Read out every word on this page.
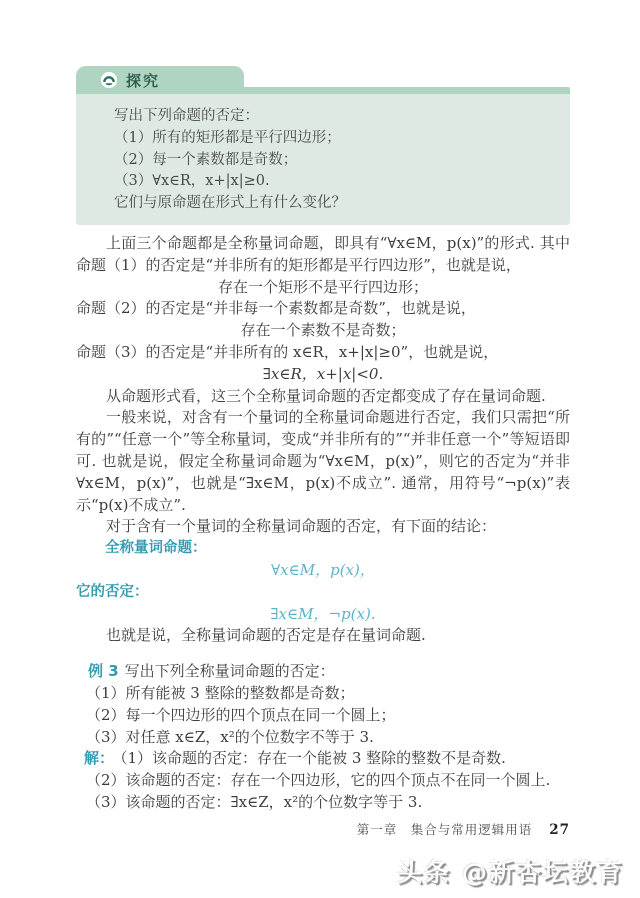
探究
写出下列命题的否定：
（1）所有的矩形都是平行四边形；
（2）每一个素数都是奇数；
（3）∀x∈R，x+|x|≥0.
它们与原命题在形式上有什么变化？
上面三个命题都是全称量词命题，即具有“∀x∈M，p(x)”的形式. 其中命题（1）的否定是“并非所有的矩形都是平行四边形”，也就是说，
存在一个矩形不是平行四边形；
命题（2）的否定是“并非每一个素数都是奇数”，也就是说，
存在一个素数不是奇数；
命题（3）的否定是“并非所有的 x∈R，x+|x|≥0”，也就是说，
∃x∈R，x+|x|<0.
从命题形式看，这三个全称量词命题的否定都变成了存在量词命题.
一般来说，对含有一个量词的全称量词命题进行否定，我们只需把“所有的”“任意一个”等全称量词，变成“并非所有的”“并非任意一个”等短语即可. 也就是说，假定全称量词命题为“∀x∈M，p(x)”，则它的否定为“并非 ∀x∈M，p(x)”，也就是“∃x∈M，p(x)不成立”. 通常，用符号“¬p(x)”表示“p(x)不成立”.
对于含有一个量词的全称量词命题的否定，有下面的结论：
全称量词命题：
∀x∈M，p(x)，
它的否定：
∃x∈M，¬p(x).
也就是说，全称量词命题的否定是存在量词命题.
例 3 写出下列全称量词命题的否定：
（1）所有能被 3 整除的整数都是奇数；
（2）每一个四边形的四个顶点在同一个圆上；
（3）对任意 x∈Z，x²的个位数字不等于 3.
解： （1）该命题的否定：存在一个能被 3 整除的整数不是奇数.
（2）该命题的否定：存在一个四边形，它的四个顶点不在同一个圆上.
（3）该命题的否定：∃x∈Z，x²的个位数字等于 3.
第一章　集合与常用逻辑用语 27
头条 @新杏坛教育
